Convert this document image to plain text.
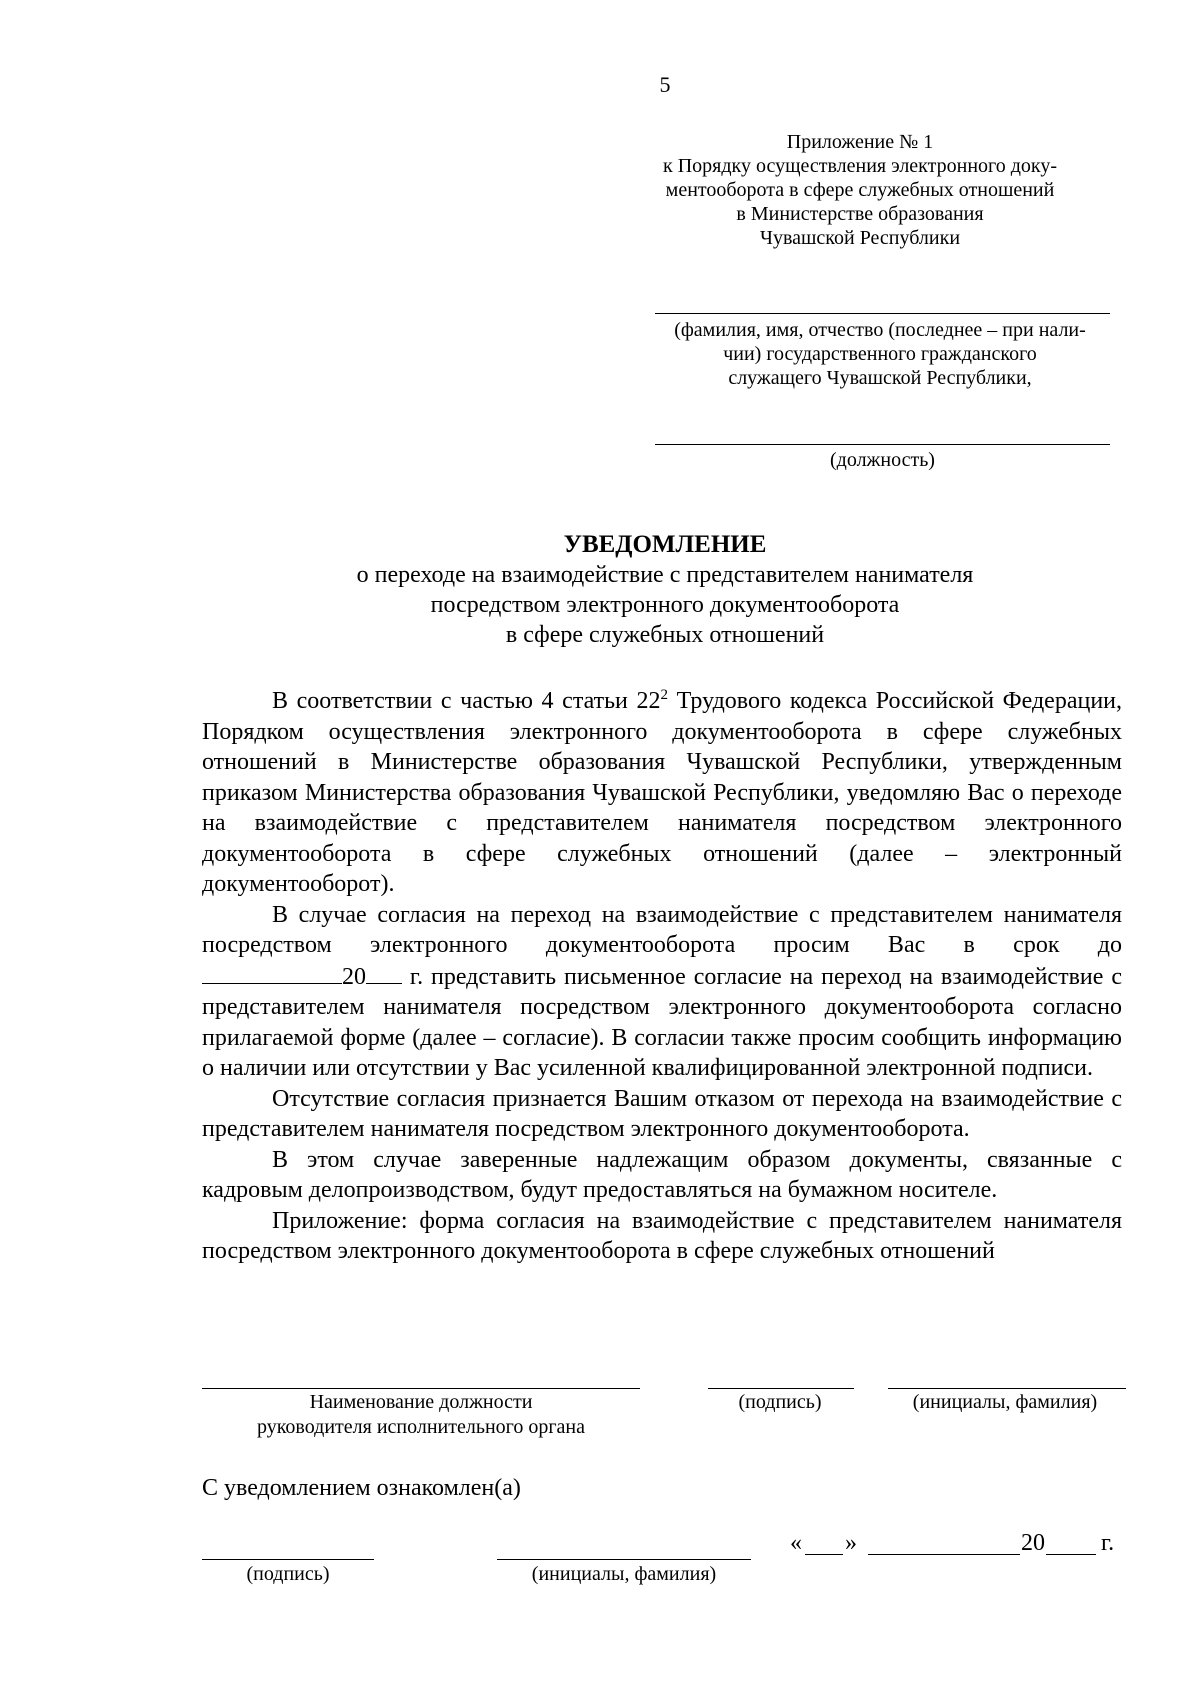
5
Приложение № 1
к Порядку осуществления электронного доку-
ментооборота в сфере служебных отношений
в Министерстве образования
Чувашской Республики
(фамилия, имя, отчество (последнее – при нали-
чии) государственного гражданского
служащего Чувашской Республики,
(должность)
УВЕДОМЛЕНИЕ
о переходе на взаимодействие с представителем нанимателя
посредством электронного документооборота
в сфере служебных отношений

В соответствии с частью 4 статьи $22^2$ Трудового кодекса Российской Федерации, Порядком осуществления электронного документооборота в сфере служебных отношений в Министерстве образования Чувашской Республики, утвержденным приказом Министерства образования Чувашской Республики, уведомляю Вас о переходе на взаимодействие с представителем нанимателя посредством электронного документооборота в сфере служебных отношений (далее – электронный документооборот).

В случае согласия на переход на взаимодействие с представителем нанимателя посредством электронного документооборота просим Вас в срок до

20 г. представить письменное согласие на переход на взаимодействие с представителем нанимателя посредством электронного документооборота согласно прилагаемой форме (далее – согласие). В согласии также просим сообщить информацию о наличии или отсутствии у Вас усиленной квалифицированной электронной подписи.

Отсутствие согласия признается Вашим отказом от перехода на взаимодействие с представителем нанимателя посредством электронного документооборота.

В этом случае заверенные надлежащим образом документы, связанные с кадровым делопроизводством, будут предоставляться на бумажном носителе.

Приложение: форма согласия на взаимодействие с представителем нанимателя посредством электронного документооборота в сфере служебных отношений

Наименование должности
руководителя исполнительного органа
(подпись)	(инициалы, фамилия)
С уведомлением ознакомлен(а)
« »	20 г.
(подпись)	(инициалы, фамилия)
